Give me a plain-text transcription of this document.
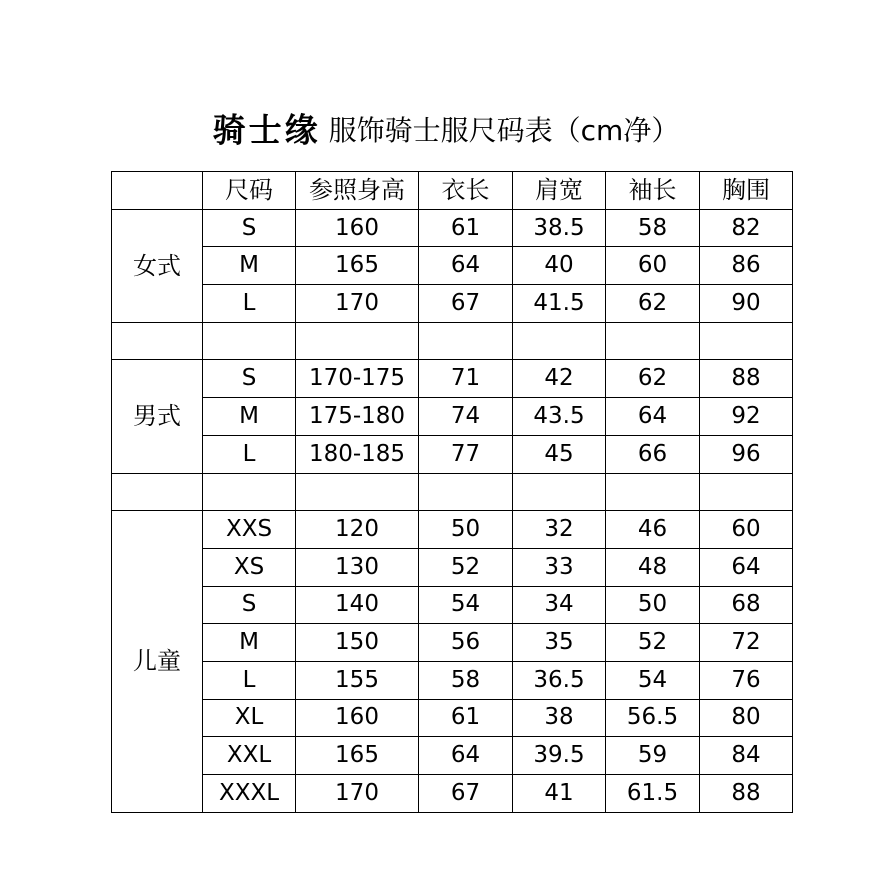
骑士缘 服饰骑士服尺码表（cm净）
	尺码	参照身高	衣长	肩宽	袖长	胸围
女式	S	160	61	38.5	58	82
	M	165	64	40	60	86
	L	170	67	41.5	62	90

男式	S	170-175	71	42	62	88
	M	175-180	74	43.5	64	92
	L	180-185	77	45	66	96

儿童	XXS	120	50	32	46	60
	XS	130	52	33	48	64
	S	140	54	34	50	68
	M	150	56	35	52	72
	L	155	58	36.5	54	76
	XL	160	61	38	56.5	80
	XXL	165	64	39.5	59	84
	XXXL	170	67	41	61.5	88
